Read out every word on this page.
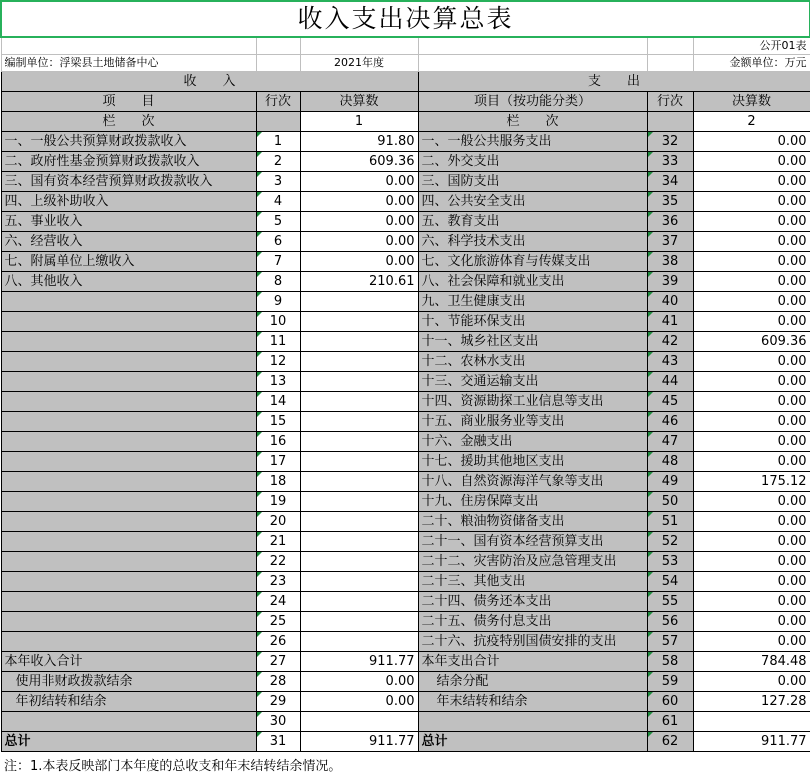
收入支出决算总表					
					公开01表
编制单位：浮梁县土地储备中心		2021年度			金额单位：万元
收　　入			支　　出		
项　　目	行次	决算数	项目（按功能分类）	行次	决算数
栏　　次		1	栏　　次		2
一、一般公共预算财政拨款收入	1	91.80	一、一般公共服务支出	32	0.00
二、政府性基金预算财政拨款收入	2	609.36	二、外交支出	33	0.00
三、国有资本经营预算财政拨款收入	3	0.00	三、国防支出	34	0.00
四、上级补助收入	4	0.00	四、公共安全支出	35	0.00
五、事业收入	5	0.00	五、教育支出	36	0.00
六、经营收入	6	0.00	六、科学技术支出	37	0.00
七、附属单位上缴收入	7	0.00	七、文化旅游体育与传媒支出	38	0.00
八、其他收入	8	210.61	八、社会保障和就业支出	39	0.00
	9		九、卫生健康支出	40	0.00
	10		十、节能环保支出	41	0.00
	11		十一、城乡社区支出	42	609.36
	12		十二、农林水支出	43	0.00
	13		十三、交通运输支出	44	0.00
	14		十四、资源勘探工业信息等支出	45	0.00
	15		十五、商业服务业等支出	46	0.00
	16		十六、金融支出	47	0.00
	17		十七、援助其他地区支出	48	0.00
	18		十八、自然资源海洋气象等支出	49	175.12
	19		十九、住房保障支出	50	0.00
	20		二十、粮油物资储备支出	51	0.00
	21		二十一、国有资本经营预算支出	52	0.00
	22		二十二、灾害防治及应急管理支出	53	0.00
	23		二十三、其他支出	54	0.00
	24		二十四、债务还本支出	55	0.00
	25		二十五、债务付息支出	56	0.00
	26		二十六、抗疫特别国债安排的支出	57	0.00
本年收入合计	27	911.77	本年支出合计	58	784.48
使用非财政拨款结余	28	0.00	结余分配	59	0.00
年初结转和结余	29	0.00	年末结转和结余	60	127.28
	30			61	
总计	31	911.77	总计	62	911.77
注：1.本表反映部门本年度的总收支和年末结转结余情况。					
